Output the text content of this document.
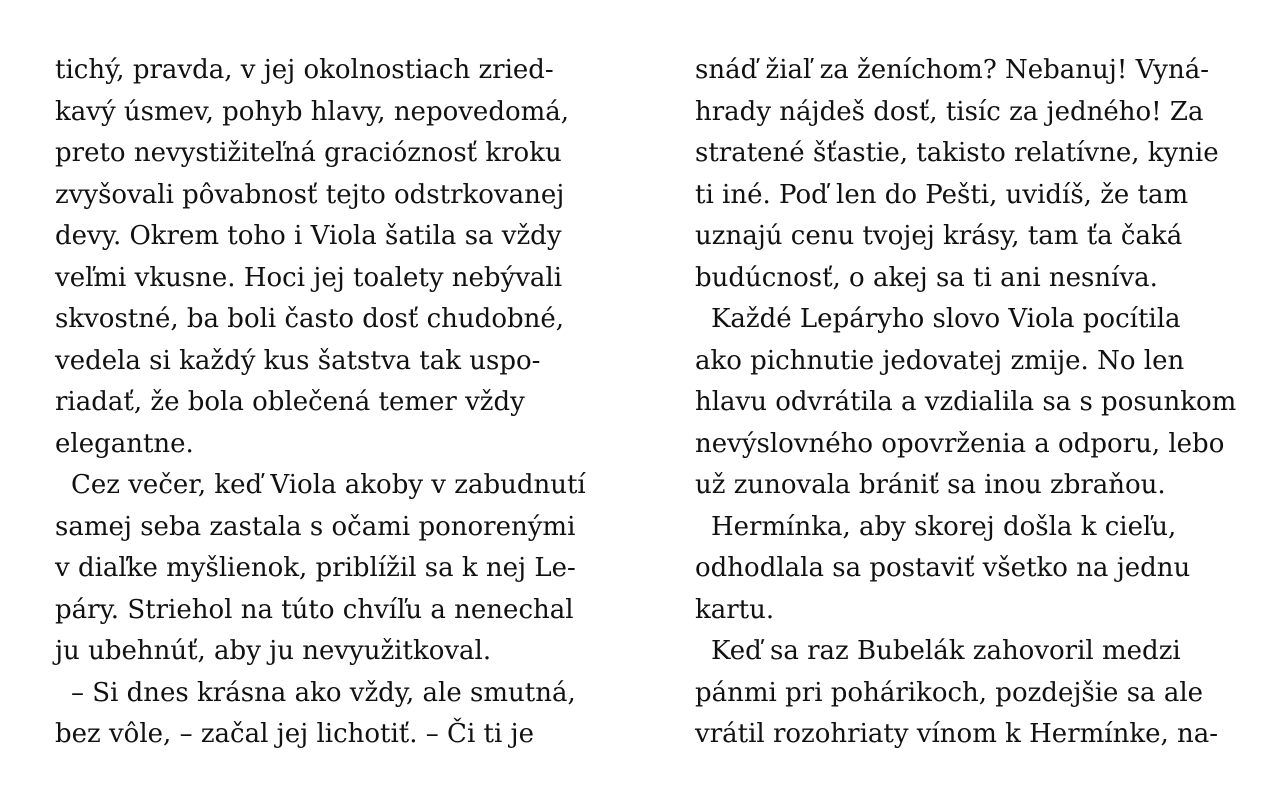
tichý, pravda, v jej okolnostiach zried-
kavý úsmev, pohyb hlavy, nepovedomá,
preto nevystižiteľná gracióznosť kroku
zvyšovali pôvabnosť tejto odstrkovanej
devy. Okrem toho i Viola šatila sa vždy
veľmi vkusne. Hoci jej toalety nebývali
skvostné, ba boli často dosť chudobné,
vedela si každý kus šatstva tak uspo-
riadať, že bola oblečená temer vždy
elegantne.
Cez večer, keď Viola akoby v zabudnutí
samej seba zastala s očami ponorenými
v diaľke myšlienok, priblížil sa k nej Le-
páry. Striehol na túto chvíľu a nenechal
ju ubehnúť, aby ju nevyužitkoval.
– Si dnes krásna ako vždy, ale smutná,
bez vôle, – začal jej lichotiť. – Či ti je
snáď žiaľ za ženíchom? Nebanuj! Vyná-
hrady nájdeš dosť, tisíc za jedného! Za
stratené šťastie, takisto relatívne, kynie
ti iné. Poď len do Pešti, uvidíš, že tam
uznajú cenu tvojej krásy, tam ťa čaká
budúcnosť, o akej sa ti ani nesníva.
Každé Lepáryho slovo Viola pocítila
ako pichnutie jedovatej zmije. No len
hlavu odvrátila a vzdialila sa s posunkom
nevýslovného opovrženia a odporu, lebo
už zunovala brániť sa inou zbraňou.
Hermínka, aby skorej došla k cieľu,
odhodlala sa postaviť všetko na jednu
kartu.
Keď sa raz Bubelák zahovoril medzi
pánmi pri pohárikoch, pozdejšie sa ale
vrátil rozohriaty vínom k Hermínke, na-
